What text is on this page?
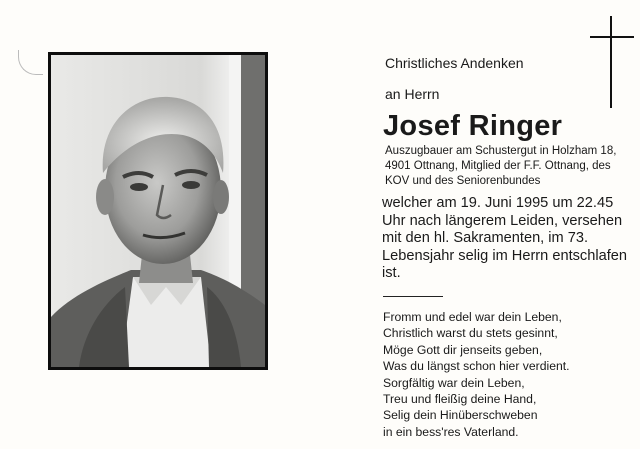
Christliches Andenken
an Herrn
Josef Ringer
Auszugbauer am Schustergut in Holzham 18, 4901 Ottnang, Mitglied der F.F. Ottnang, des KOV und des Seniorenbundes
welcher am 19. Juni 1995 um 22.45 Uhr nach längerem Leiden, versehen mit den hl. Sakramenten, im 73. Lebensjahr selig im Herrn entschlafen ist.
Fromm und edel war dein Leben,
Christlich warst du stets gesinnt,
Möge Gott dir jenseits geben,
Was du längst schon hier verdient.
Sorgfältig war dein Leben,
Treu und fleißig deine Hand,
Selig dein Hinüberschweben
in ein bess'res Vaterland.
